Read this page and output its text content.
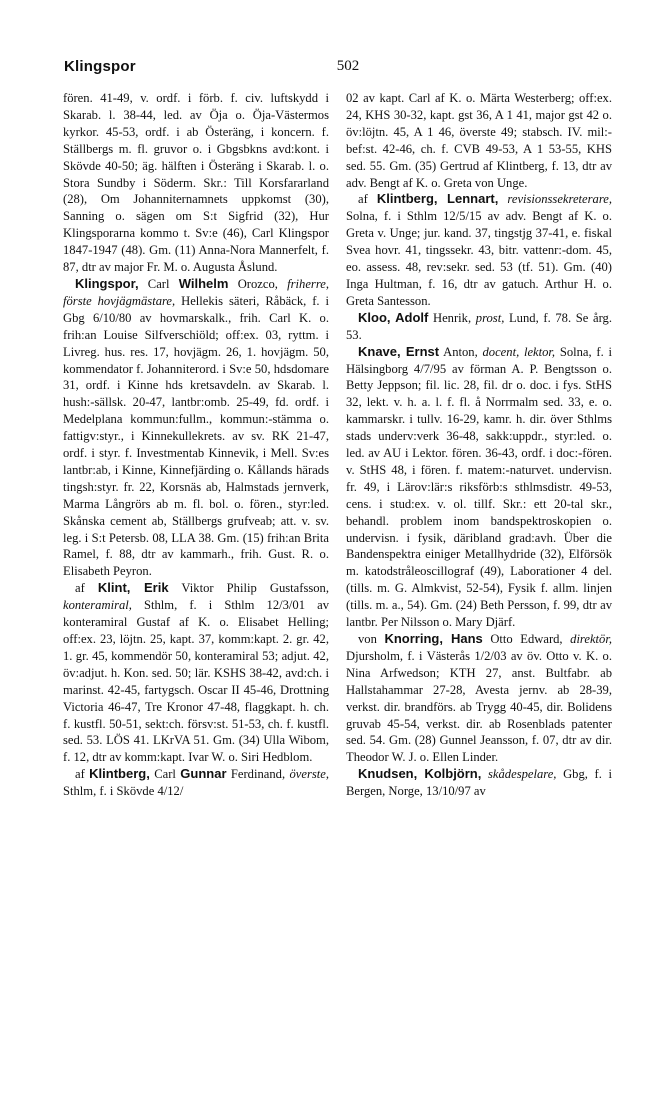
Klingspor	502

fören. 41-49, v. ordf. i förb. f. civ. luftskydd i Skarab. l. 38-44, led. av Öja o. Öja-Västermos kyrkor. 45-53, ordf. i ab Österäng, i koncern. f. Ställbergs m. fl. gruvor o. i Gbgsbkns avd:kont. i Skövde 40-50; äg. hälften i Österäng i Skarab. l. o. Stora Sundby i Söderm. Skr.: Till Korsfararland (28), Om Johanniternamnets uppkomst (30), Sanning o. sägen om S:t Sigfrid (32), Hur Klingsporarna kommo t. Sv:e (46), Carl Klingspor 1847-1947 (48). Gm. (11) Anna-Nora Mannerfelt, f. 87, dtr av major Fr. M. o. Augusta Åslund.

Klingspor, Carl Wilhelm Orozco, friherre, förste hovjägmästare, Hellekis säteri, Råbäck, f. i Gbg 6/10/80 av hovmarskalk., frih. Carl K. o. frih:an Louise Silfverschiöld; off:ex. 03, ryttm. i Livreg. hus. res. 17, hovjägm. 26, 1. hovjägm. 50, kommendator f. Johanniterord. i Sv:e 50, hdsdomare 31, ordf. i Kinne hds kretsavdeln. av Skarab. l. hush:-sällsk. 20-47, lantbr:omb. 25-49, fd. ordf. i Medelplana kommun:fullm., kommun:-stämma o. fattigv:styr., i Kinnekullekrets. av sv. RK 21-47, ordf. i styr. f. Investmentab Kinnevik, i Mell. Sv:es lantbr:ab, i Kinne, Kinnefjärding o. Kållands härads tingsh:styr. fr. 22, Korsnäs ab, Halmstads jernverk, Marma Långrörs ab m. fl. bol. o. fören., styr:led. Skånska cement ab, Ställbergs grufveab; att. v. sv. leg. i S:t Petersb. 08, LLA 38. Gm. (15) frih:an Brita Ramel, f. 88, dtr av kammarh., frih. Gust. R. o. Elisabeth Peyron.

af Klint, Erik Viktor Philip Gustafsson, konteramiral, Sthlm, f. i Sthlm 12/3/01 av konteramiral Gustaf af K. o. Elisabet Helling; off:ex. 23, löjtn. 25, kapt. 37, komm:kapt. 2. gr. 42, 1. gr. 45, kommendör 50, konteramiral 53; adjut. 42, öv:adjut. h. Kon. sed. 50; lär. KSHS 38-42, avd:ch. i marinst. 42-45, fartygsch. Oscar II 45-46, Drottning Victoria 46-47, Tre Kronor 47-48, flaggkapt. h. ch. f. kustfl. 50-51, sekt:ch. försv:st. 51-53, ch. f. kustfl. sed. 53. LÖS 41. LKrVA 51. Gm. (34) Ulla Wibom, f. 12, dtr av komm:kapt. Ivar W. o. Siri Hedblom.

af Klintberg, Carl Gunnar Ferdinand, överste, Sthlm, f. i Skövde 4/12/

02 av kapt. Carl af K. o. Märta Westerberg; off:ex. 24, KHS 30-32, kapt. gst 36, A 1 41, major gst 42 o. öv:löjtn. 45, A 1 46, överste 49; stabsch. IV. mil:-bef:st. 42-46, ch. f. CVB 49-53, A 1 53-55, KHS sed. 55. Gm. (35) Gertrud af Klintberg, f. 13, dtr av adv. Bengt af K. o. Greta von Unge.

af Klintberg, Lennart, revisionssekreterare, Solna, f. i Sthlm 12/5/15 av adv. Bengt af K. o. Greta v. Unge; jur. kand. 37, tingstjg 37-41, e. fiskal Svea hovr. 41, tingssekr. 43, bitr. vattenr:-dom. 45, eo. assess. 48, rev:sekr. sed. 53 (tf. 51). Gm. (40) Inga Hultman, f. 16, dtr av gatuch. Arthur H. o. Greta Santesson.

Kloo, Adolf Henrik, prost, Lund, f. 78. Se årg. 53.

Knave, Ernst Anton, docent, lektor, Solna, f. i Hälsingborg 4/7/95 av förman A. P. Bengtsson o. Betty Jeppson; fil. lic. 28, fil. dr o. doc. i fys. StHS 32, lekt. v. h. a. l. f. fl. å Norrmalm sed. 33, e. o. kammarskr. i tullv. 16-29, kamr. h. dir. över Sthlms stads underv:verk 36-48, sakk:uppdr., styr:led. o. led. av AU i Lektor. fören. 36-43, ordf. i doc:-fören. v. StHS 48, i fören. f. matem:-naturvet. undervisn. fr. 49, i Lärov:lär:s riksförb:s sthlmsdistr. 49-53, cens. i stud:ex. v. ol. tillf. Skr.: ett 20-tal skr., behandl. problem inom bandspektroskopien o. undervisn. i fysik, däribland grad:avh. Über die Bandenspektra einiger Metallhydride (32), Elförsök m. katodstråleoscillograf (49), Laborationer 4 del. (tills. m. G. Almkvist, 52-54), Fysik f. allm. linjen (tills. m. a., 54). Gm. (24) Beth Persson, f. 99, dtr av lantbr. Per Nilsson o. Mary Djärf.

von Knorring, Hans Otto Edward, direktör, Djursholm, f. i Västerås 1/2/03 av öv. Otto v. K. o. Nina Arfwedson; KTH 27, anst. Bultfabr. ab Hallstahammar 27-28, Avesta jernv. ab 28-39, verkst. dir. brandförs. ab Trygg 40-45, dir. Bolidens gruvab 45-54, verkst. dir. ab Rosenblads patenter sed. 54. Gm. (28) Gunnel Jeansson, f. 07, dtr av dir. Theodor W. J. o. Ellen Linder.

Knudsen, Kolbjörn, skådespelare, Gbg, f. i Bergen, Norge, 13/10/97 av
